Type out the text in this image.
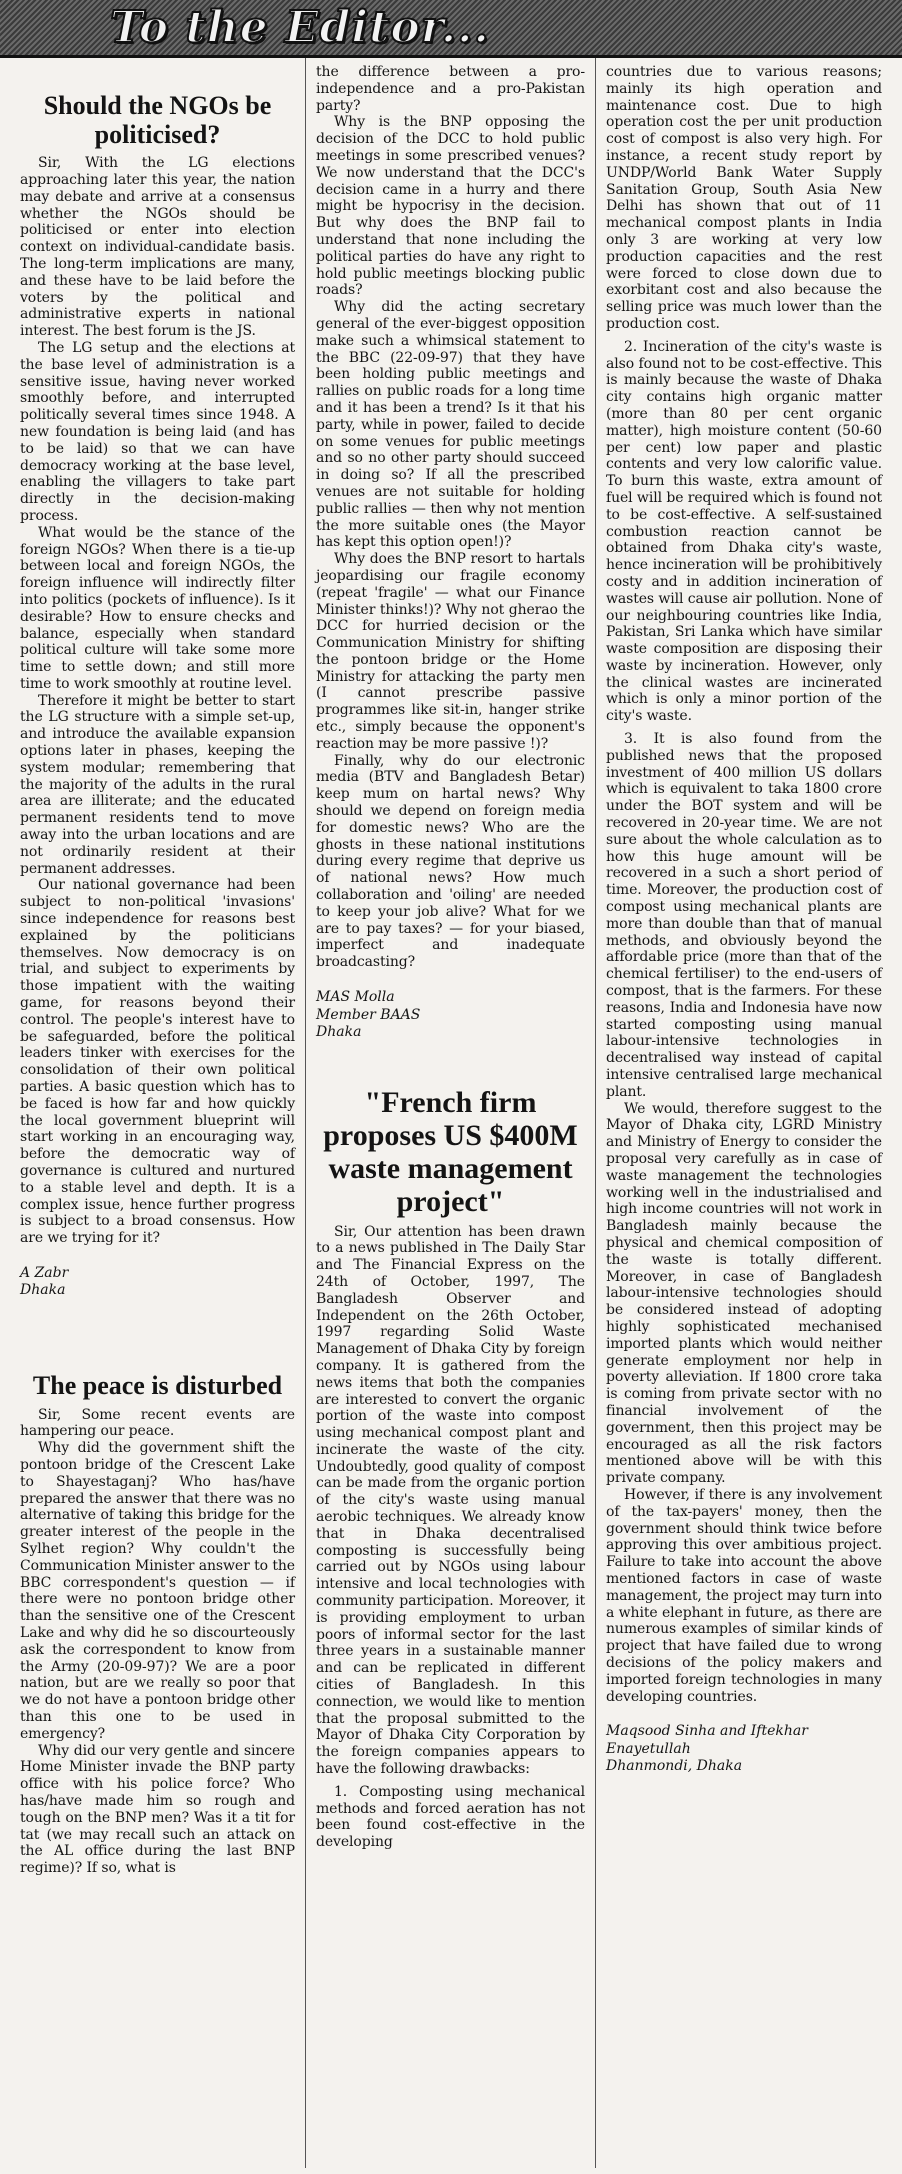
To the Editor...
Should the NGOs be politicised?

Sir, With the LG elections approaching later this year, the nation may debate and arrive at a consensus whether the NGOs should be politicised or enter into election context on individual-candidate basis. The long-term implications are many, and these have to be laid before the voters by the political and administrative experts in national interest. The best forum is the JS.

The LG setup and the elections at the base level of administration is a sensitive issue, having never worked smoothly before, and interrupted politically several times since 1948. A new foundation is being laid (and has to be laid) so that we can have democracy working at the base level, enabling the villagers to take part directly in the decision-making process.

What would be the stance of the foreign NGOs? When there is a tie-up between local and foreign NGOs, the foreign influence will indirectly filter into politics (pockets of influence). Is it desirable? How to ensure checks and balance, especially when standard political culture will take some more time to settle down; and still more time to work smoothly at routine level.

Therefore it might be better to start the LG structure with a simple set-up, and introduce the available expansion options later in phases, keeping the system modular; remembering that the majority of the adults in the rural area are illiterate; and the educated permanent residents tend to move away into the urban locations and are not ordinarily resident at their permanent addresses.

Our national governance had been subject to non-political 'invasions' since independence for reasons best explained by the politicians themselves. Now democracy is on trial, and subject to experiments by those impatient with the waiting game, for reasons beyond their control. The people's interest have to be safeguarded, before the political leaders tinker with exercises for the consolidation of their own political parties. A basic question which has to be faced is how far and how quickly the local government blueprint will start working in an encouraging way, before the democratic way of governance is cultured and nurtured to a stable level and depth. It is a complex issue, hence further progress is subject to a broad consensus. How are we trying for it?

A Zabr
Dhaka
The peace is disturbed

Sir, Some recent events are hampering our peace.

Why did the government shift the pontoon bridge of the Crescent Lake to Shayestaganj? Who has/have prepared the answer that there was no alternative of taking this bridge for the greater interest of the people in the Sylhet region? Why couldn't the Communication Minister answer to the BBC correspondent's question — if there were no pontoon bridge other than the sensitive one of the Crescent Lake and why did he so discourteously ask the correspondent to know from the Army (20-09-97)? We are a poor nation, but are we really so poor that we do not have a pontoon bridge other than this one to be used in emergency?

Why did our very gentle and sincere Home Minister invade the BNP party office with his police force? Who has/have made him so rough and tough on the BNP men? Was it a tit for tat (we may recall such an attack on the AL office during the last BNP regime)? If so, what is

the difference between a pro-independence and a pro-Pakistan party?

Why is the BNP opposing the decision of the DCC to hold public meetings in some prescribed venues? We now understand that the DCC's decision came in a hurry and there might be hypocrisy in the decision. But why does the BNP fail to understand that none including the political parties do have any right to hold public meetings blocking public roads?

Why did the acting secretary general of the ever-biggest opposition make such a whimsical statement to the BBC (22-09-97) that they have been holding public meetings and rallies on public roads for a long time and it has been a trend? Is it that his party, while in power, failed to decide on some venues for public meetings and so no other party should succeed in doing so? If all the prescribed venues are not suitable for holding public rallies — then why not mention the more suitable ones (the Mayor has kept this option open!)?

Why does the BNP resort to hartals jeopardising our fragile economy (repeat 'fragile' — what our Finance Minister thinks!)? Why not gherao the DCC for hurried decision or the Communication Ministry for shifting the pontoon bridge or the Home Ministry for attacking the party men (I cannot prescribe passive programmes like sit-in, hanger strike etc., simply because the opponent's reaction may be more passive !)?

Finally, why do our electronic media (BTV and Bangladesh Betar) keep mum on hartal news? Why should we depend on foreign media for domestic news? Who are the ghosts in these national institutions during every regime that deprive us of national news? How much collaboration and 'oiling' are needed to keep your job alive? What for we are to pay taxes? — for your biased, imperfect and inadequate broadcasting?

MAS Molla
Member BAAS
Dhaka
"French firm proposes US $400M waste management project"

Sir, Our attention has been drawn to a news published in The Daily Star and The Financial Express on the 24th of October, 1997, The Bangladesh Observer and Independent on the 26th October, 1997 regarding Solid Waste Management of Dhaka City by foreign company. It is gathered from the news items that both the companies are interested to convert the organic portion of the waste into compost using mechanical compost plant and incinerate the waste of the city. Undoubtedly, good quality of compost can be made from the organic portion of the city's waste using manual aerobic techniques. We already know that in Dhaka decentralised composting is successfully being carried out by NGOs using labour intensive and local technologies with community participation. Moreover, it is providing employment to urban poors of informal sector for the last three years in a sustainable manner and can be replicated in different cities of Bangladesh. In this connection, we would like to mention that the proposal submitted to the Mayor of Dhaka City Corporation by the foreign companies appears to have the following drawbacks:

1. Composting using mechanical methods and forced aeration has not been found cost-effective in the developing

countries due to various reasons; mainly its high operation and maintenance cost. Due to high operation cost the per unit production cost of compost is also very high. For instance, a recent study report by UNDP/World Bank Water Supply Sanitation Group, South Asia New Delhi has shown that out of 11 mechanical compost plants in India only 3 are working at very low production capacities and the rest were forced to close down due to exorbitant cost and also because the selling price was much lower than the production cost.

2. Incineration of the city's waste is also found not to be cost-effective. This is mainly because the waste of Dhaka city contains high organic matter (more than 80 per cent organic matter), high moisture content (50-60 per cent) low paper and plastic contents and very low calorific value. To burn this waste, extra amount of fuel will be required which is found not to be cost-effective. A self-sustained combustion reaction cannot be obtained from Dhaka city's waste, hence incineration will be prohibitively costy and in addition incineration of wastes will cause air pollution. None of our neighbouring countries like India, Pakistan, Sri Lanka which have similar waste composition are disposing their waste by incineration. However, only the clinical wastes are incinerated which is only a minor portion of the city's waste.

3. It is also found from the published news that the proposed investment of 400 million US dollars which is equivalent to taka 1800 crore under the BOT system and will be recovered in 20-year time. We are not sure about the whole calculation as to how this huge amount will be recovered in a such a short period of time. Moreover, the production cost of compost using mechanical plants are more than double than that of manual methods, and obviously beyond the affordable price (more than that of the chemical fertiliser) to the end-users of compost, that is the farmers. For these reasons, India and Indonesia have now started composting using manual labour-intensive technologies in decentralised way instead of capital intensive centralised large mechanical plant.

We would, therefore suggest to the Mayor of Dhaka city, LGRD Ministry and Ministry of Energy to consider the proposal very carefully as in case of waste management the technologies working well in the industrialised and high income countries will not work in Bangladesh mainly because the physical and chemical composition of the waste is totally different. Moreover, in case of Bangladesh labour-intensive technologies should be considered instead of adopting highly sophisticated mechanised imported plants which would neither generate employment nor help in poverty alleviation. If 1800 crore taka is coming from private sector with no financial involvement of the government, then this project may be encouraged as all the risk factors mentioned above will be with this private company.

However, if there is any involvement of the tax-payers' money, then the government should think twice before approving this over ambitious project. Failure to take into account the above mentioned factors in case of waste management, the project may turn into a white elephant in future, as there are numerous examples of similar kinds of project that have failed due to wrong decisions of the policy makers and imported foreign technologies in many developing countries.

Maqsood Sinha and Iftekhar Enayetullah
Dhanmondi, Dhaka
